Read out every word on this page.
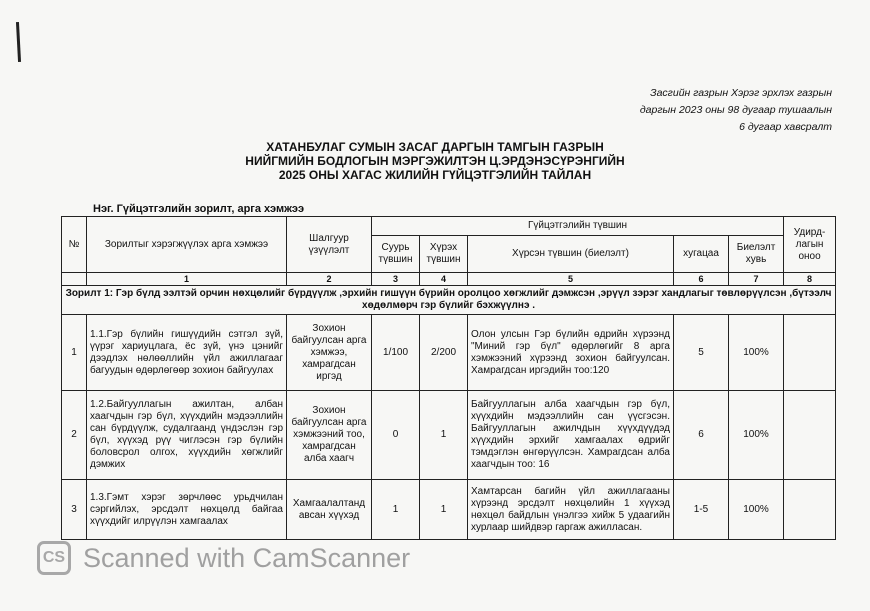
Засгийн газрын Хэрэг эрхлэх газрын
даргын 2023 оны 98 дугаар тушаалын
6 дугаар хавсралт
ХАТАНБУЛАГ СУМЫН ЗАСАГ ДАРГЫН ТАМГЫН ГАЗРЫН
НИЙГМИЙН БОДЛОГЫН МЭРГЭЖИЛТЭН Ц.ЭРДЭНЭСҮРЭНГИЙН
2025 ОНЫ ХАГАС ЖИЛИЙН ГҮЙЦЭТГЭЛИЙН ТАЙЛАН
Нэг. Гүйцэтгэлийн зорилт, арга хэмжээ
№	Зорилтыг хэрэгжүүлэх арга хэмжээ	Шалгуур үзүүлэлт	Гүйцэтгэлийн түвшин					Удирд-лагын оноо
			Суурь түвшин	Хүрэх түвшин	Хүрсэн түвшин (биелэлт)	хугацаа	Биелэлт хувь	
	1	2	3	4	5	6	7	8
Зорилт 1: Гэр бүлд ээлтэй орчин нөхцөлийг бүрдүүлж ,эрхийн гишүүн бүрийн оролцоо хөгжлийг дэмжсэн ,эрүүл зэрэг хандлагыг төвлөрүүлсэн ,бүтээлч хөдөлмөрч гэр бүлийг бэхжүүлнэ .								
1	1.1.Гэр бүлийн гишүүдийн сэтгэл зүй, үүрэг хариуцлага, ёс зүй, үнэ цэнийг дээдлэх нөлөөллийн үйл ажиллагааг багуудын өдөрлөгөөр зохион байгуулах	Зохион байгуулсан арга хэмжээ, хамрагдсан иргэд	1/100	2/200	Олон улсын Гэр бүлийн өдрийн хүрээнд "Миний гэр бүл" өдөрлөгийг 8 арга хэмжээний хүрээнд зохион байгуулсан. Хамрагдсан иргэдийн тоо:120	5	100%	
2	1.2.Байгууллагын ажилтан, албан хаагчдын гэр бүл, хүүхдийн мэдээллийн сан бүрдүүлж, судалгаанд үндэслэн гэр бүл, хүүхэд рүү чиглэсэн гэр бүлийн боловсрол олгох, хүүхдийн хөгжлийг дэмжих	Зохион байгуулсан арга хэмжээний тоо, хамрагдсан алба хаагч	0	1	Байгууллагын алба хаагчдын гэр бүл, хүүхдийн мэдээллийн сан үүсгэсэн. Байгууллагын ажилчдын хүүхдүүдэд хүүхдийн эрхийг хамгаалах өдрийг тэмдэглэн өнгөрүүлсэн. Хамрагдсан алба хаагчдын тоо: 16	6	100%	
3	1.3.Гэмт хэрэг зөрчлөөс урьдчилан сэргийлэх, эрсдэлт нөхцөлд байгаа хүүхдийг илрүүлэн хамгаалах	Хамгаалалтанд авсан хүүхэд	1	1	Хамтарсан багийн үйл ажиллагааны хүрээнд эрсдэлт нөхцөлийн 1 хүүхэд нөхцөл байдлын үнэлгээ хийж 5 удаагийн хурлаар шийдвэр гаргаж ажилласан.	1-5	100%	
CS Scanned with CamScanner
